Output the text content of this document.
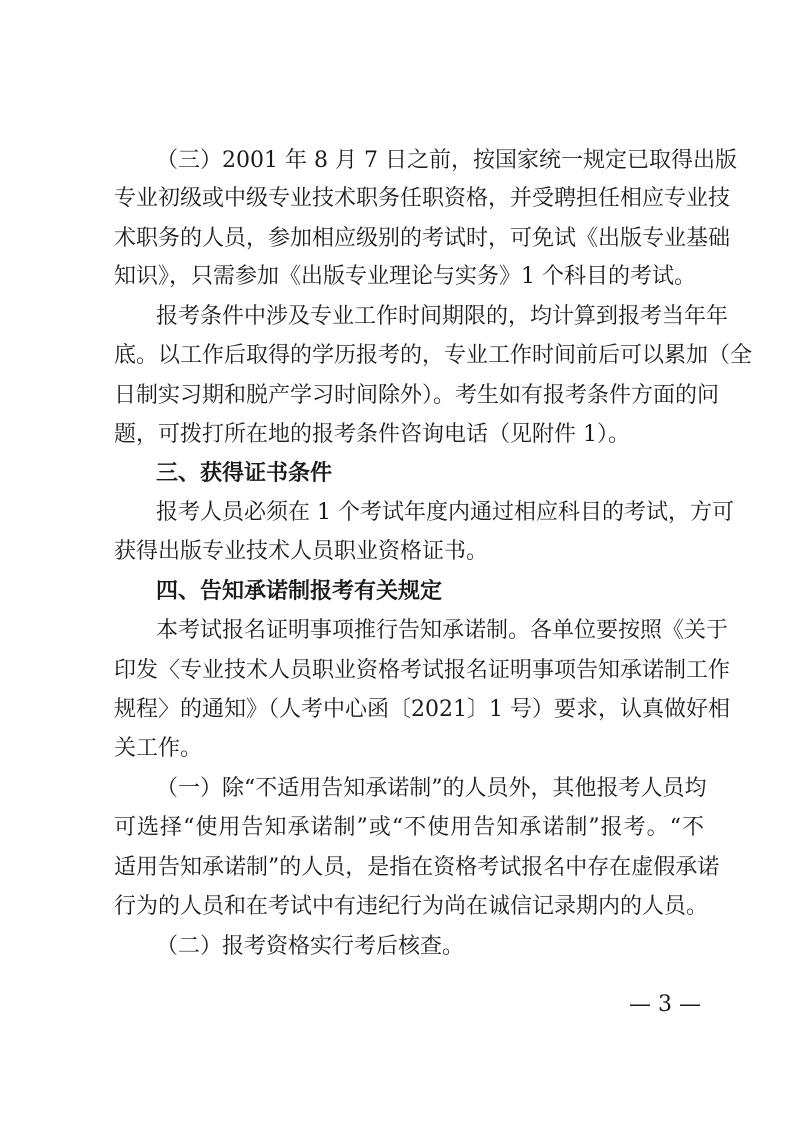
（三）2001 年 8 月 7 日之前，按国家统一规定已取得出版
专业初级或中级专业技术职务任职资格，并受聘担任相应专业技
术职务的人员，参加相应级别的考试时，可免试《出版专业基础
知识》，只需参加《出版专业理论与实务》1 个科目的考试。
报考条件中涉及专业工作时间期限的，均计算到报考当年年
底。以工作后取得的学历报考的，专业工作时间前后可以累加（全
日制实习期和脱产学习时间除外）。考生如有报考条件方面的问
题，可拨打所在地的报考条件咨询电话（见附件 1）。
三、获得证书条件
报考人员必须在 1 个考试年度内通过相应科目的考试，方可
获得出版专业技术人员职业资格证书。
四、告知承诺制报考有关规定
本考试报名证明事项推行告知承诺制。各单位要按照《关于
印发〈专业技术人员职业资格考试报名证明事项告知承诺制工作
规程〉的通知》（人考中心函〔2021〕1 号）要求，认真做好相
关工作。
（一）除“不适用告知承诺制”的人员外，其他报考人员均
可选择“使用告知承诺制”或“不使用告知承诺制”报考。“不
适用告知承诺制”的人员，是指在资格考试报名中存在虚假承诺
行为的人员和在考试中有违纪行为尚在诚信记录期内的人员。
（二）报考资格实行考后核查。
— 3 —
